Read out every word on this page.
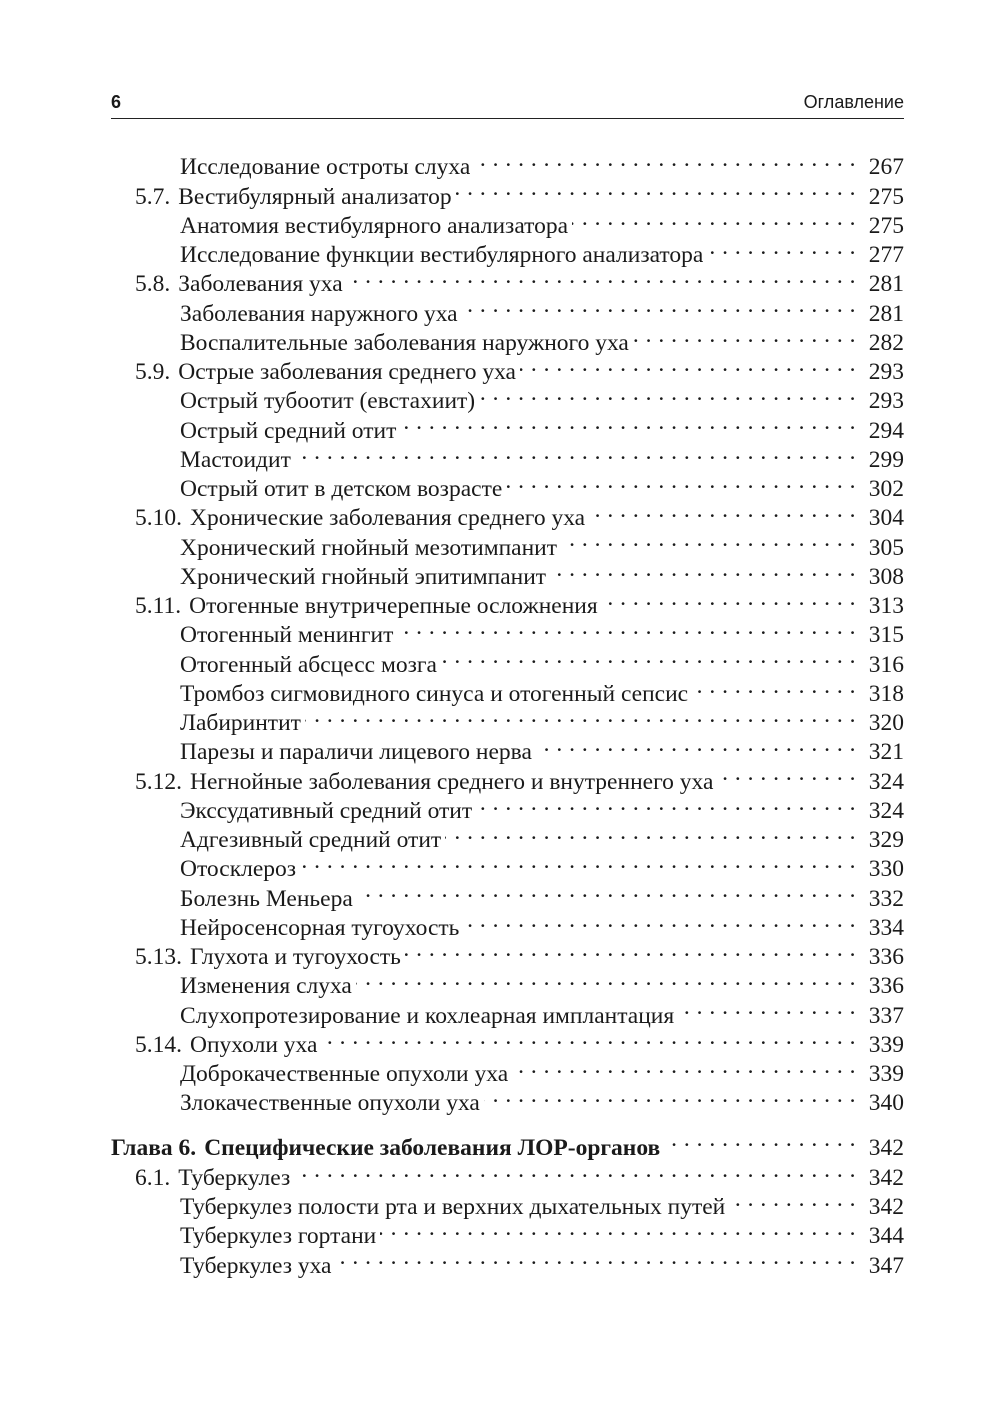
6	Оглавление
Исследование остроты слуха . . .	267
5.7. Вестибулярный анализатор . . .	275
Анатомия вестибулярного анализатора . . .	275
Исследование функции вестибулярного анализатора . . .	277
5.8. Заболевания уха . . .	281
Заболевания наружного уха . . .	281
Воспалительные заболевания наружного уха . . .	282
5.9. Острые заболевания среднего уха . . .	293
Острый тубоотит (евстахиит) . . .	293
Острый средний отит . . .	294
Мастоидит . . .	299
Острый отит в детском возрасте . . .	302
5.10. Хронические заболевания среднего уха . . .	304
Хронический гнойный мезотимпанит . . .	305
Хронический гнойный эпитимпанит . . .	308
5.11. Отогенные внутричерепные осложнения . . .	313
Отогенный менингит . . .	315
Отогенный абсцесс мозга . . .	316
Тромбоз сигмовидного синуса и отогенный сепсис . . .	318
Лабиринтит . . .	320
Парезы и параличи лицевого нерва . . .	321
5.12. Негнойные заболевания среднего и внутреннего уха . . .	324
Экссудативный средний отит . . .	324
Адгезивный средний отит . . .	329
Отосклероз . . .	330
Болезнь Меньера . . .	332
Нейросенсорная тугоухость . . .	334
5.13. Глухота и тугоухость . . .	336
Изменения слуха . . .	336
Слухопротезирование и кохлеарная имплантация . . .	337
5.14. Опухоли уха . . .	339
Доброкачественные опухоли уха . . .	339
Злокачественные опухоли уха . . .	340
Глава 6. Специфические заболевания ЛОР-органов . . .	342
6.1. Туберкулез . . .	342
Туберкулез полости рта и верхних дыхательных путей . . .	342
Туберкулез гортани . . .	344
Туберкулез уха . . .	347
